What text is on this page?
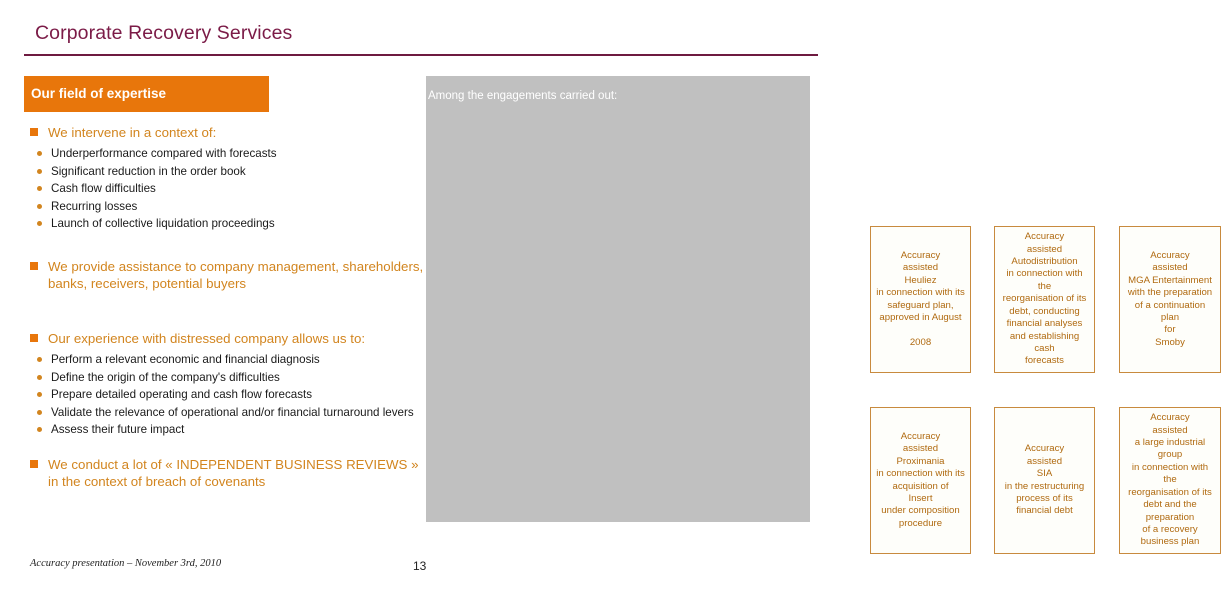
Corporate Recovery Services
Our field of expertise	Among the engagements carried out:
Accuracy
assisted
Heuliez
in connection with its
safeguard plan,
approved in August

2008
Accuracy
assisted
Autodistribution
in connection with the
reorganisation of its
debt, conducting
financial analyses
and establishing cash
forecasts
Accuracy
assisted
MGA Entertainment
with the preparation
of a continuation plan
for
Smoby
Accuracy
assisted
Proximania
in connection with its
acquisition of
Insert
under composition
procedure
Accuracy
assisted
SIA
in the restructuring
process of its
financial debt
Accuracy
assisted
a large industrial
group
in connection with the
reorganisation of its
debt and the
preparation
of a recovery
business plan
We intervene in a context of:
Underperformance compared with forecasts
Significant reduction in the order book
Cash flow difficulties
Recurring losses
Launch of collective liquidation proceedings
We provide assistance to company management, shareholders, banks, receivers, potential buyers
Our experience with distressed company allows us to:
Perform a relevant economic and financial diagnosis
Define the origin of the company's difficulties
Prepare detailed operating and cash flow forecasts
Validate the relevance of operational and/or financial turnaround levers
Assess their future impact
We conduct a lot of « INDEPENDENT BUSINESS REVIEWS » in the context of breach of covenants
Accuracy presentation – November 3rd, 2010	13
